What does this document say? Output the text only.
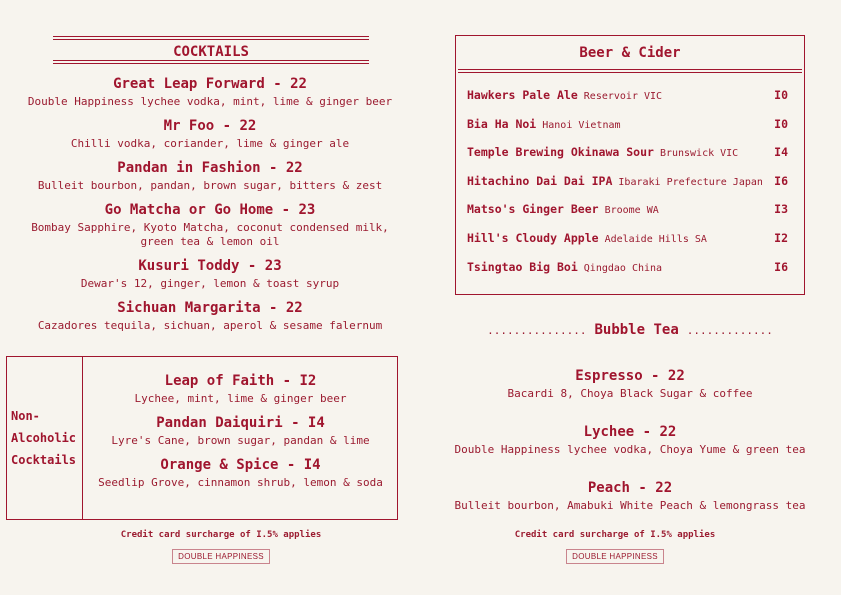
COCKTAILS
Great Leap Forward - 22
Double Happiness lychee vodka, mint, lime & ginger beer
Mr Foo - 22
Chilli vodka, coriander, lime & ginger ale
Pandan in Fashion - 22
Bulleit bourbon, pandan, brown sugar, bitters & zest
Go Matcha or Go Home - 23
Bombay Sapphire, Kyoto Matcha, coconut condensed milk,
green tea & lemon oil
Kusuri Toddy - 23
Dewar's 12, ginger, lemon & toast syrup
Sichuan Margarita - 22
Cazadores tequila, sichuan, aperol & sesame falernum
Non-
Alcoholic
Cocktails
Leap of Faith - I2
Lychee, mint, lime & ginger beer
Pandan Daiquiri - I4
Lyre's Cane, brown sugar, pandan & lime
Orange & Spice - I4
Seedlip Grove, cinnamon shrub, lemon & soda
Credit card surcharge of I.5% applies
DOUBLE HAPPINESS
Beer & Cider
Hawkers Pale Ale Reservoir VIC	I0
Bia Ha Noi Hanoi Vietnam	I0
Temple Brewing Okinawa Sour Brunswick VIC	I4
Hitachino Dai Dai IPA Ibaraki Prefecture Japan I6
Matso's Ginger Beer Broome WA	I3
Hill's Cloudy Apple Adelaide Hills SA	I2
Tsingtao Big Boi Qingdao China	I6
............... Bubble Tea .............
Espresso - 22
Bacardi 8, Choya Black Sugar & coffee
Lychee - 22
Double Happiness lychee vodka, Choya Yume & green tea
Peach - 22
Bulleit bourbon, Amabuki White Peach & lemongrass tea
Credit card surcharge of I.5% applies
DOUBLE HAPPINESS
